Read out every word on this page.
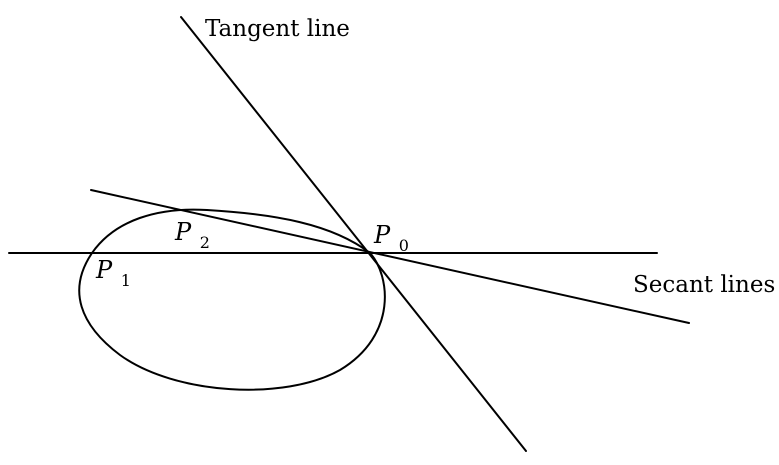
Tangent line
Secant lines
P $_0$
P $_1$
P $_2$
